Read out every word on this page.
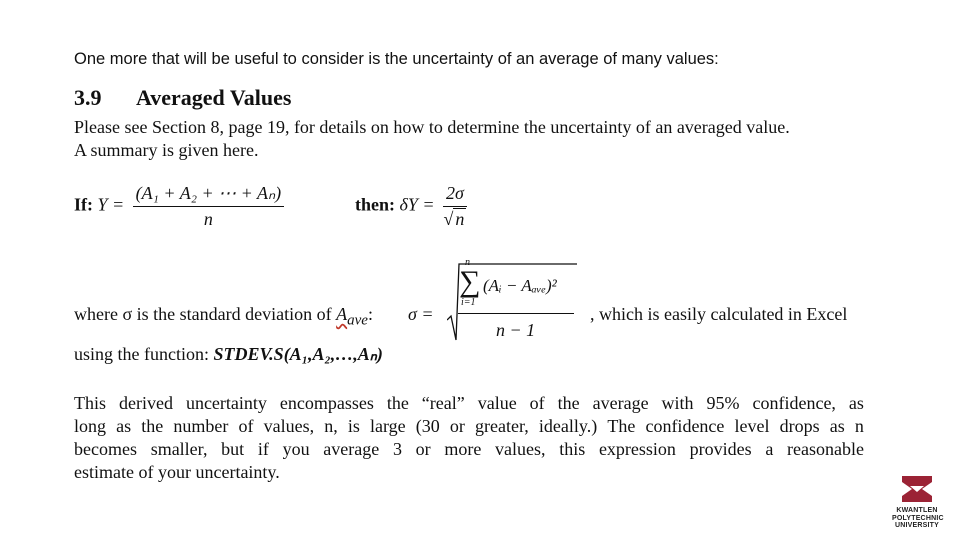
One more that will be useful to consider is the uncertainty of an average of many values:
3.9 Averaged Values
Please see Section 8, page 19, for details on how to determine the uncertainty of an averaged value.
A summary is given here.
If: $Y = \frac{\text{(A₁ + A₂ + ⋯ + Aₙ)}}{n}$	then: $\delta Y = \frac{2\sigma}{√ n}$
where σ is the standard deviation of $A_{ave}$: σ =
n
∑
i=1
(Aᵢ − Aₐᵥₑ)²
n − 1
, which is easily calculated in Excel
using the function: STDEV.S(A₁,A₂,…,Aₙ)
This derived uncertainty encompasses the “real” value of the average with 95% confidence, as
long as the number of values, n, is large (30 or greater, ideally.) The confidence level drops as n
becomes smaller, but if you average 3 or more values, this expression provides a reasonable
estimate of your uncertainty.
KWANTLEN
POLYTECHNIC
UNIVERSITY
